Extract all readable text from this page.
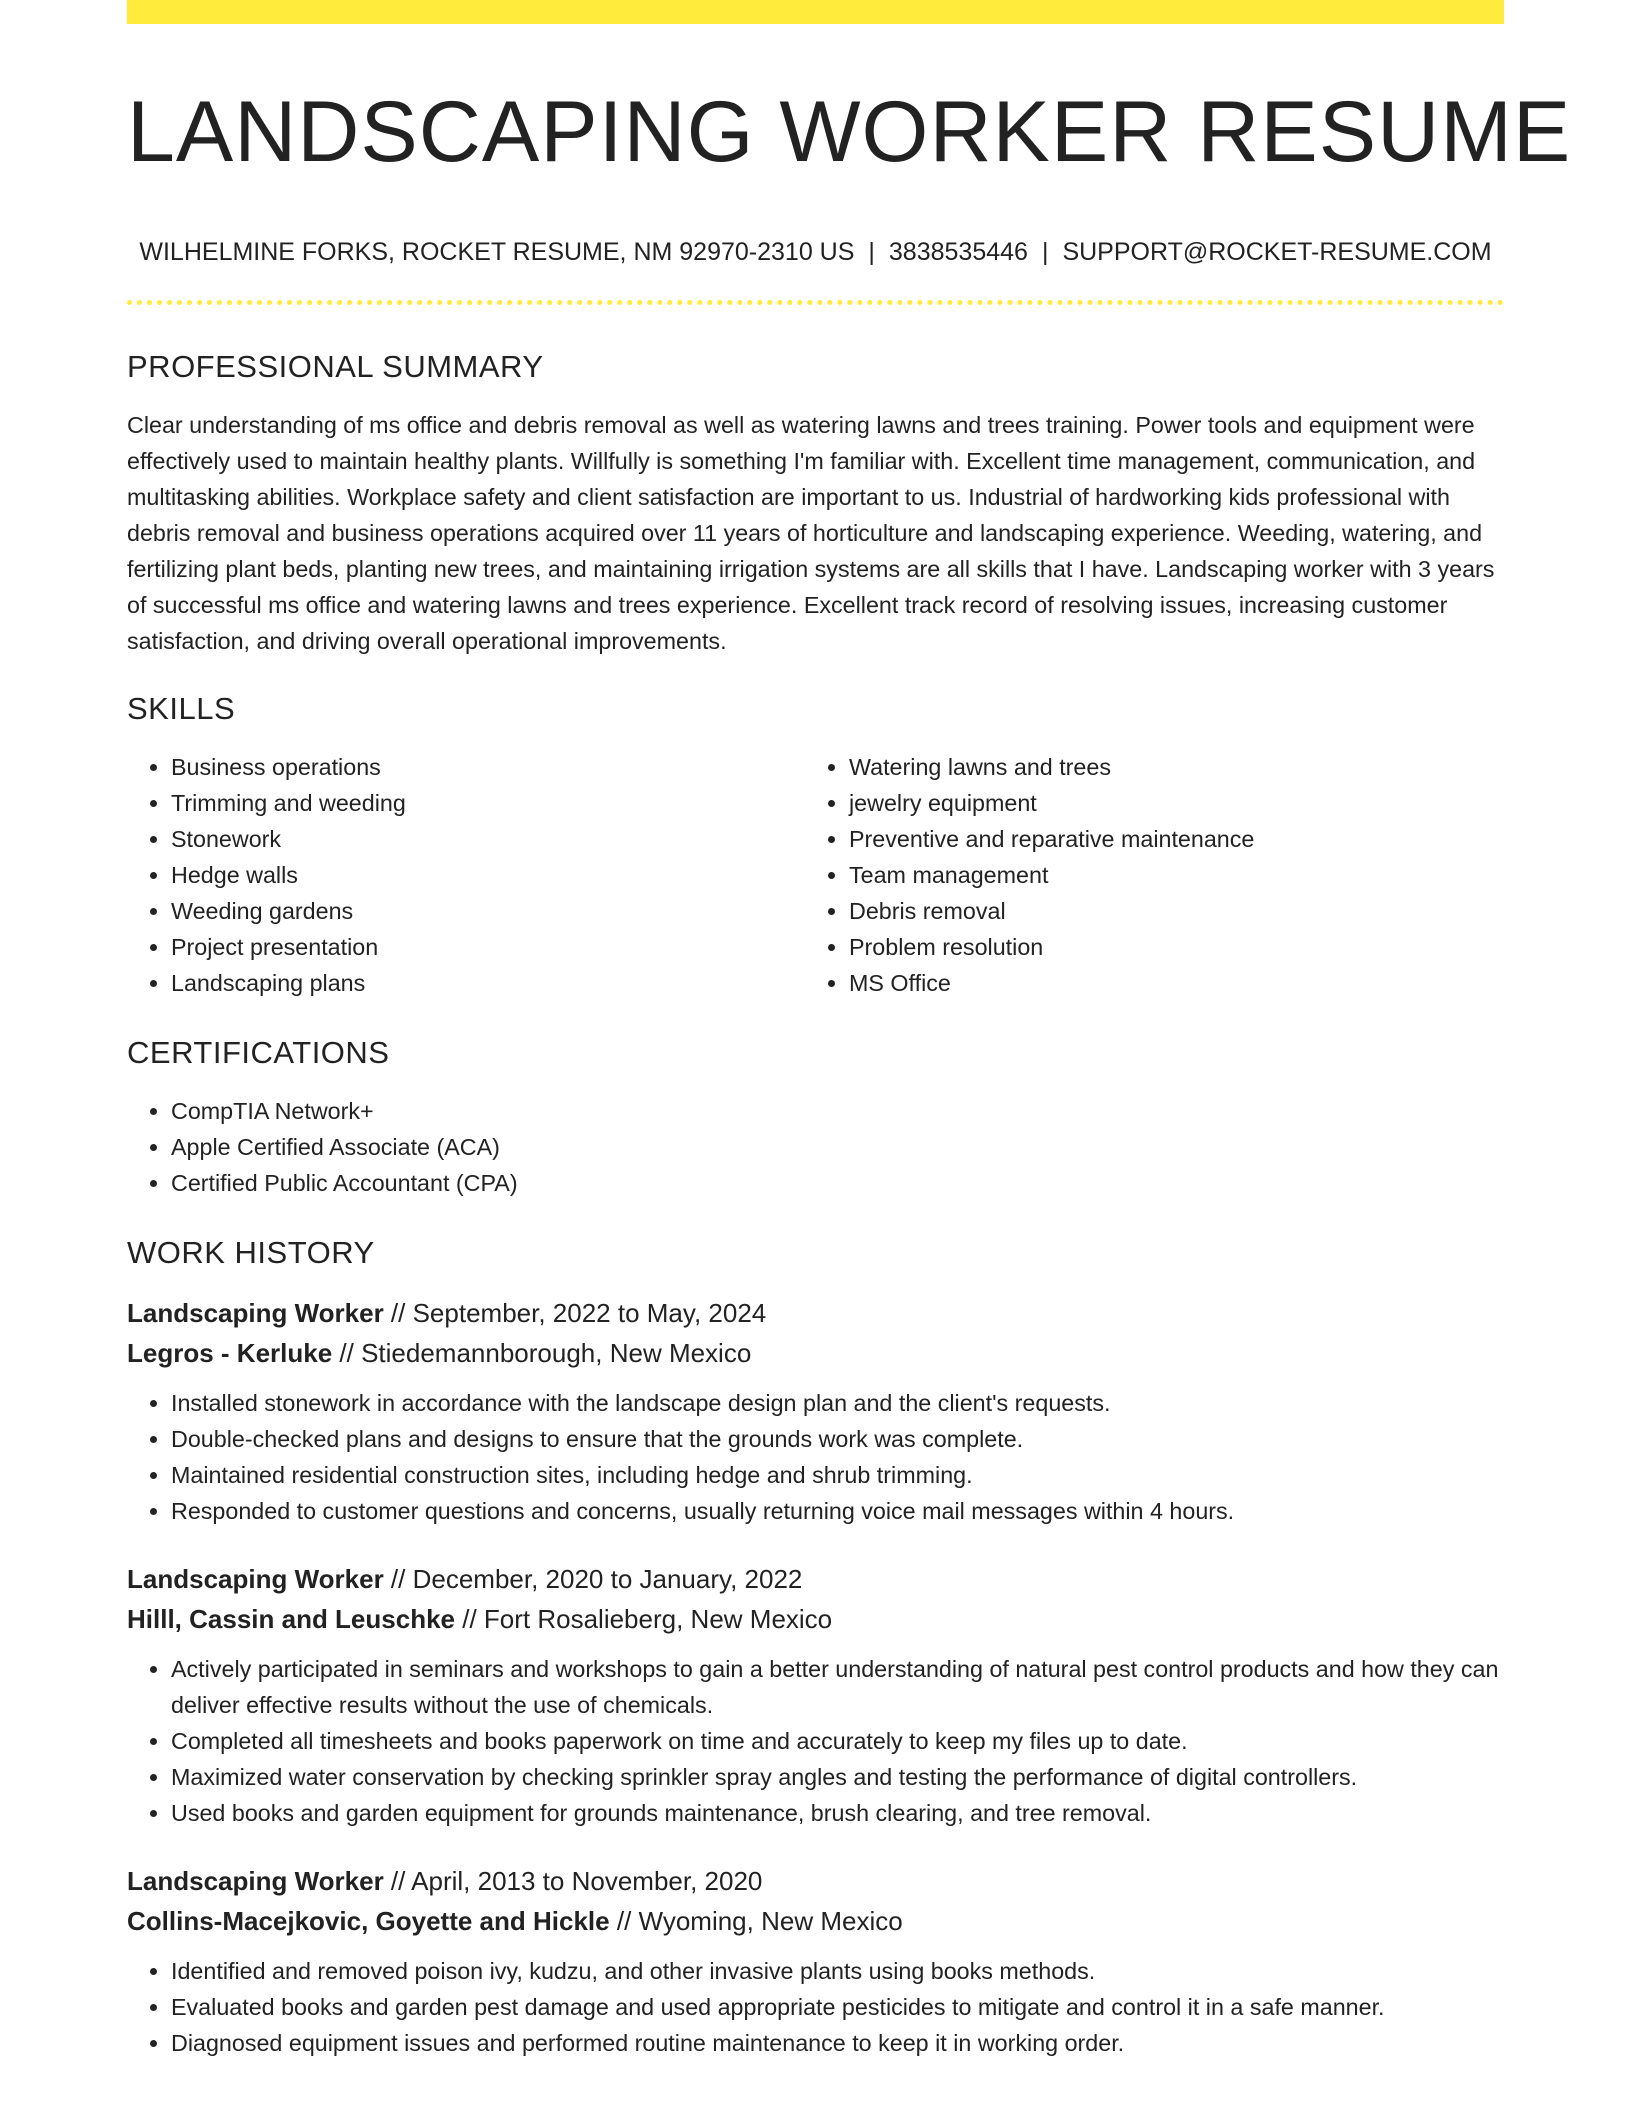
LANDSCAPING WORKER RESUME
WILHELMINE FORKS, ROCKET RESUME, NM 92970-2310 US | 3838535446 | SUPPORT@ROCKET-RESUME.COM
PROFESSIONAL SUMMARY

Clear understanding of ms office and debris removal as well as watering lawns and trees training. Power tools and equipment were effectively used to maintain healthy plants. Willfully is something I'm familiar with. Excellent time management, communication, and multitasking abilities. Workplace safety and client satisfaction are important to us. Industrial of hardworking kids professional with debris removal and business operations acquired over 11 years of horticulture and landscaping experience. Weeding, watering, and fertilizing plant beds, planting new trees, and maintaining irrigation systems are all skills that I have. Landscaping worker with 3 years of successful ms office and watering lawns and trees experience. Excellent track record of resolving issues, increasing customer satisfaction, and driving overall operational improvements.

SKILLS
• Business operations
• Trimming and weeding
• Stonework
• Hedge walls
• Weeding gardens
• Project presentation
• Landscaping plans
• Watering lawns and trees
• jewelry equipment
• Preventive and reparative maintenance
• Team management
• Debris removal
• Problem resolution
• MS Office
CERTIFICATIONS
• CompTIA Network+
• Apple Certified Associate (ACA)
• Certified Public Accountant (CPA)
WORK HISTORY
Landscaping Worker // September, 2022 to May, 2024
Legros - Kerluke // Stiedemannborough, New Mexico
• Installed stonework in accordance with the landscape design plan and the client's requests.
• Double-checked plans and designs to ensure that the grounds work was complete.
• Maintained residential construction sites, including hedge and shrub trimming.
• Responded to customer questions and concerns, usually returning voice mail messages within 4 hours.
Landscaping Worker // December, 2020 to January, 2022
Hilll, Cassin and Leuschke // Fort Rosalieberg, New Mexico
• Actively participated in seminars and workshops to gain a better understanding of natural pest control products and how they can deliver effective results without the use of chemicals.
• Completed all timesheets and books paperwork on time and accurately to keep my files up to date.
• Maximized water conservation by checking sprinkler spray angles and testing the performance of digital controllers.
• Used books and garden equipment for grounds maintenance, brush clearing, and tree removal.
Landscaping Worker // April, 2013 to November, 2020
Collins-Macejkovic, Goyette and Hickle // Wyoming, New Mexico
• Identified and removed poison ivy, kudzu, and other invasive plants using books methods.
• Evaluated books and garden pest damage and used appropriate pesticides to mitigate and control it in a safe manner.
• Diagnosed equipment issues and performed routine maintenance to keep it in working order.
